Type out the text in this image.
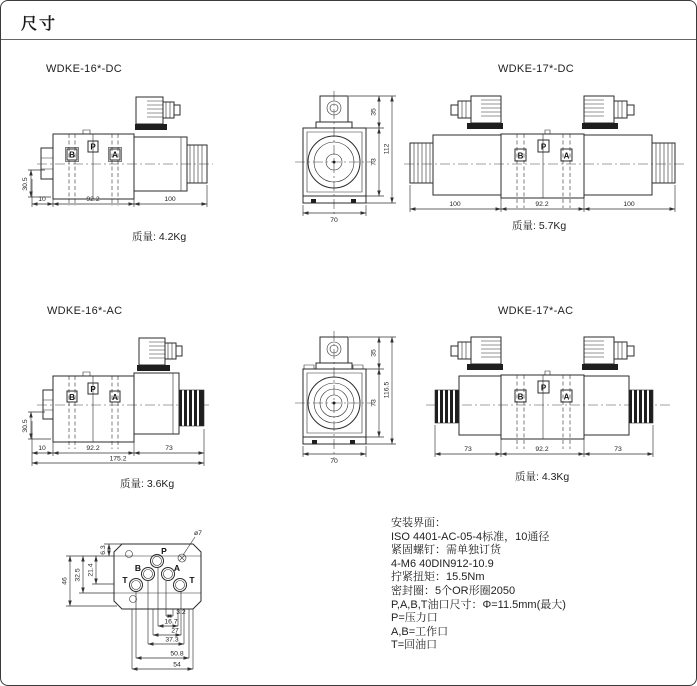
尺寸
WDKE-16*-DC	WDKE-17*-DC
WDKE-16*-AC	WDKE-17*-AC
质量: 4.2Kg
质量: 5.7Kg
质量: 3.6Kg
质量: 4.3Kg
B
P
A
10	92.2	100
30.5
70
35
73
112
B
P
A
100	92.2	100
B
P
A
30.5
10	92.2	73
175.2	70
35
73
116.5	B
P
A
73	92.2	73
ø7
P
B	A
T	T
6.3
21.4
32.5
46
3.2
16.7
27
37.3
50.8
54
安装界面：
ISO 4401-AC-05-4标准，10通径
紧固螺钉：需单独订货
4-M6 40DIN912-10.9
拧紧扭矩：15.5Nm
密封圈：5个OR形圈2050
P,A,B,T油口尺寸：Φ=11.5mm(最大)
P=压力口
A,B=工作口
T=回油口
